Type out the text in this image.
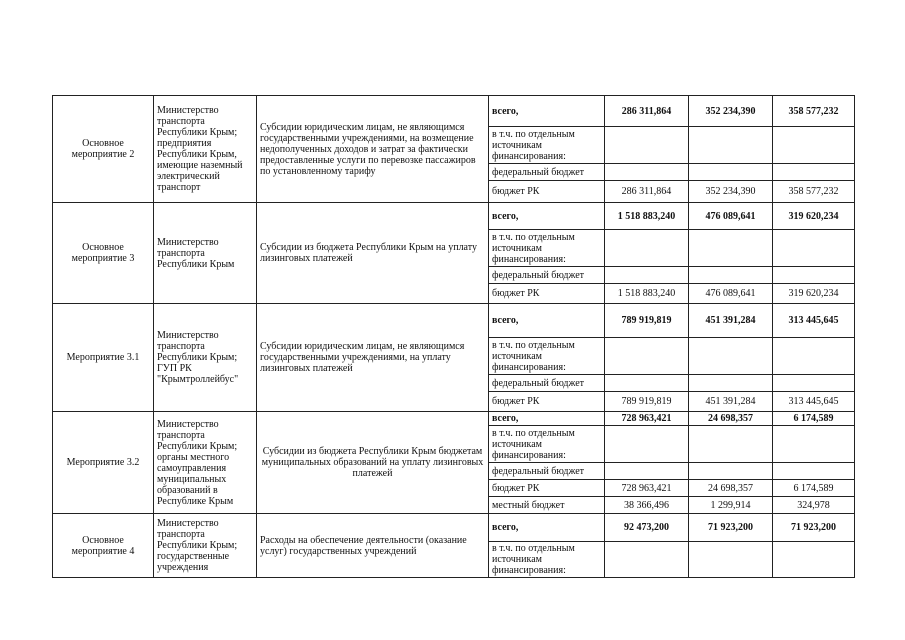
Основное мероприятие 2	Министерство транспорта Республики Крым; предприятия Республики Крым, имеющие наземный электрический транспорт	Субсидии юридическим лицам, не являющимся государственными учреждениями, на возмещение недополученных доходов и затрат за фактически предоставленные услуги по перевозке пассажиров по установленному тарифу	всего,	286 311,864	352 234,390	358 577,232
			в т.ч. по отдельным источникам финансирования:			
			федеральный бюджет			
			бюджет РК	286 311,864	352 234,390	358 577,232
Основное мероприятие 3	Министерство транспорта Республики Крым	Субсидии из бюджета Республики Крым на уплату лизинговых платежей	всего,	1 518 883,240	476 089,641	319 620,234
			в т.ч. по отдельным источникам финансирования:			
			федеральный бюджет			
			бюджет РК	1 518 883,240	476 089,641	319 620,234
Мероприятие 3.1	Министерство транспорта Республики Крым; ГУП РК "Крымтроллейбус"	Субсидии юридическим лицам, не являющимся государственными учреждениями, на уплату лизинговых платежей	всего,	789 919,819	451 391,284	313 445,645
			в т.ч. по отдельным источникам финансирования:			
			федеральный бюджет			
			бюджет РК	789 919,819	451 391,284	313 445,645
Мероприятие 3.2	Министерство транспорта Республики Крым; органы местного самоуправления муниципальных образований в Республике Крым	Субсидии из бюджета Республики Крым бюджетам муниципальных образований на уплату лизинговых платежей	всего,	728 963,421	24 698,357	6 174,589
			в т.ч. по отдельным источникам финансирования:			
			федеральный бюджет			
			бюджет РК	728 963,421	24 698,357	6 174,589
			местный бюджет	38 366,496	1 299,914	324,978
Основное мероприятие 4	Министерство транспорта Республики Крым; государственные учреждения	Расходы на обеспечение деятельности (оказание услуг) государственных учреждений	всего,	92 473,200	71 923,200	71 923,200
			в т.ч. по отдельным источникам финансирования:			
